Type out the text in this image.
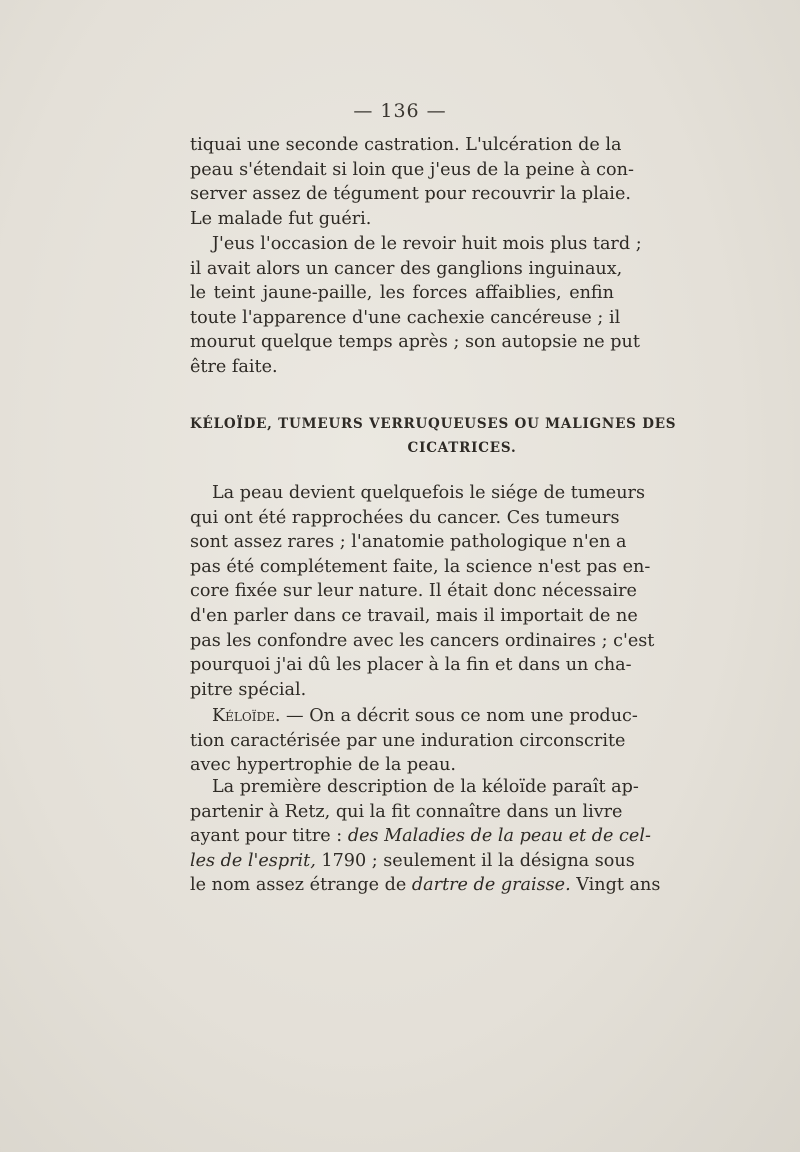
— 136 —
tiquai une seconde castration. L'ulcération de la
peau s'étendait si loin que j'eus de la peine à con-
server assez de tégument pour recouvrir la plaie.
Le malade fut guéri.
J'eus l'occasion de le revoir huit mois plus tard ;
il avait alors un cancer des ganglions inguinaux,
le teint jaune-paille, les forces affaiblies, enfin
toute l'apparence d'une cachexie cancéreuse ; il
mourut quelque temps après ; son autopsie ne put
être faite.
KÉLOÏDE, TUMEURS VERRUQUEUSES OU MALIGNES DES
CICATRICES.
La peau devient quelquefois le siége de tumeurs
qui ont été rapprochées du cancer. Ces tumeurs
sont assez rares ; l'anatomie pathologique n'en a
pas été complétement faite, la science n'est pas en-
core fixée sur leur nature. Il était donc nécessaire
d'en parler dans ce travail, mais il importait de ne
pas les confondre avec les cancers ordinaires ; c'est
pourquoi j'ai dû les placer à la fin et dans un cha-
pitre spécial.
Kéloïde. — On a décrit sous ce nom une produc-
tion caractérisée par une induration circonscrite
avec hypertrophie de la peau.
La première description de la kéloïde paraît ap-
partenir à Retz, qui la fit connaître dans un livre
ayant pour titre : des Maladies de la peau et de cel-
les de l'esprit, 1790 ; seulement il la désigna sous
le nom assez étrange de dartre de graisse. Vingt ans
